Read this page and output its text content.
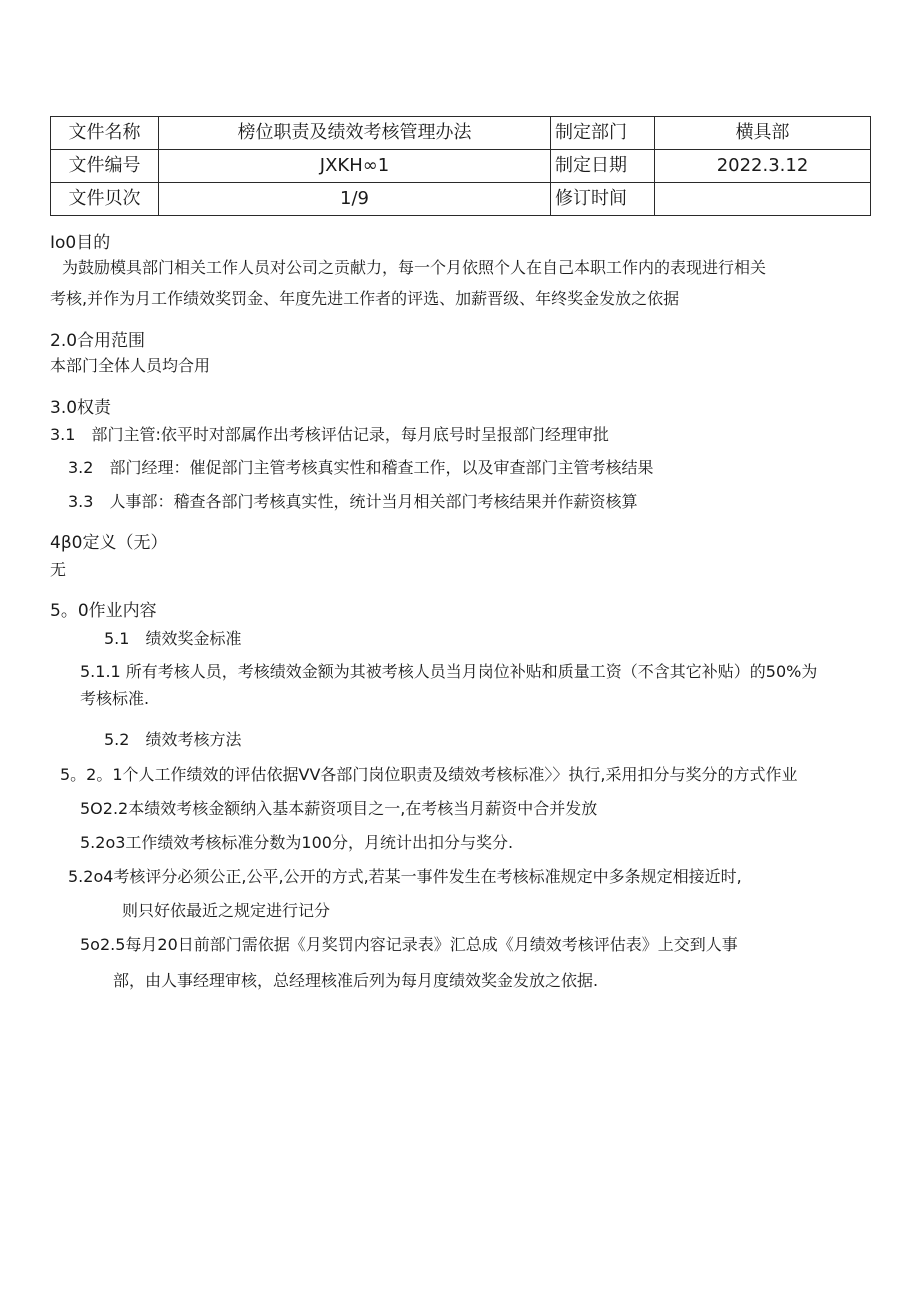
文件名称	榜位职责及绩效考核管理办法	制定部门	横具部
文件编号	JXKH∞1	制定日期	2022.3.12
文件贝次	1/9	修订时间	
Io0目的
为鼓励模具部门相关工作人员对公司之贡献力，每一个月依照个人在自己本职工作内的表现进行相关
考核,并作为月工作绩效奖罚金、年度先进工作者的评选、加薪晋级、年终奖金发放之依据
2.0合用范围
本部门全体人员均合用
3.0权责
3.1　部门主管:依平时对部属作出考核评估记录，每月底号时呈报部门经理审批
3.2　部门经理：催促部门主管考核真实性和稽查工作，以及审查部门主管考核结果
3.3　人事部：稽查各部门考核真实性，统计当月相关部门考核结果并作薪资核算
4β0定义（无）
无
5。0作业内容
5.1　绩效奖金标准
5.1.1 所有考核人员，考核绩效金额为其被考核人员当月岗位补贴和质量工资（不含其它补贴）的50%为
考核标准.
5.2　绩效考核方法
5。2。1个人工作绩效的评估依据VV各部门岗位职责及绩效考核标准〉〉执行,采用扣分与奖分的方式作业
5O2.2本绩效考核金额纳入基本薪资项目之一,在考核当月薪资中合并发放
5.2o3工作绩效考核标准分数为100分，月统计出扣分与奖分.
5.2o4考核评分必须公正,公平,公开的方式,若某一事件发生在考核标准规定中多条规定相接近时,
则只好依最近之规定进行记分
5o2.5每月20日前部门需依据《月奖罚内容记录表》汇总成《月绩效考核评估表》上交到人事
部，由人事经理审核，总经理核准后列为每月度绩效奖金发放之依据.
